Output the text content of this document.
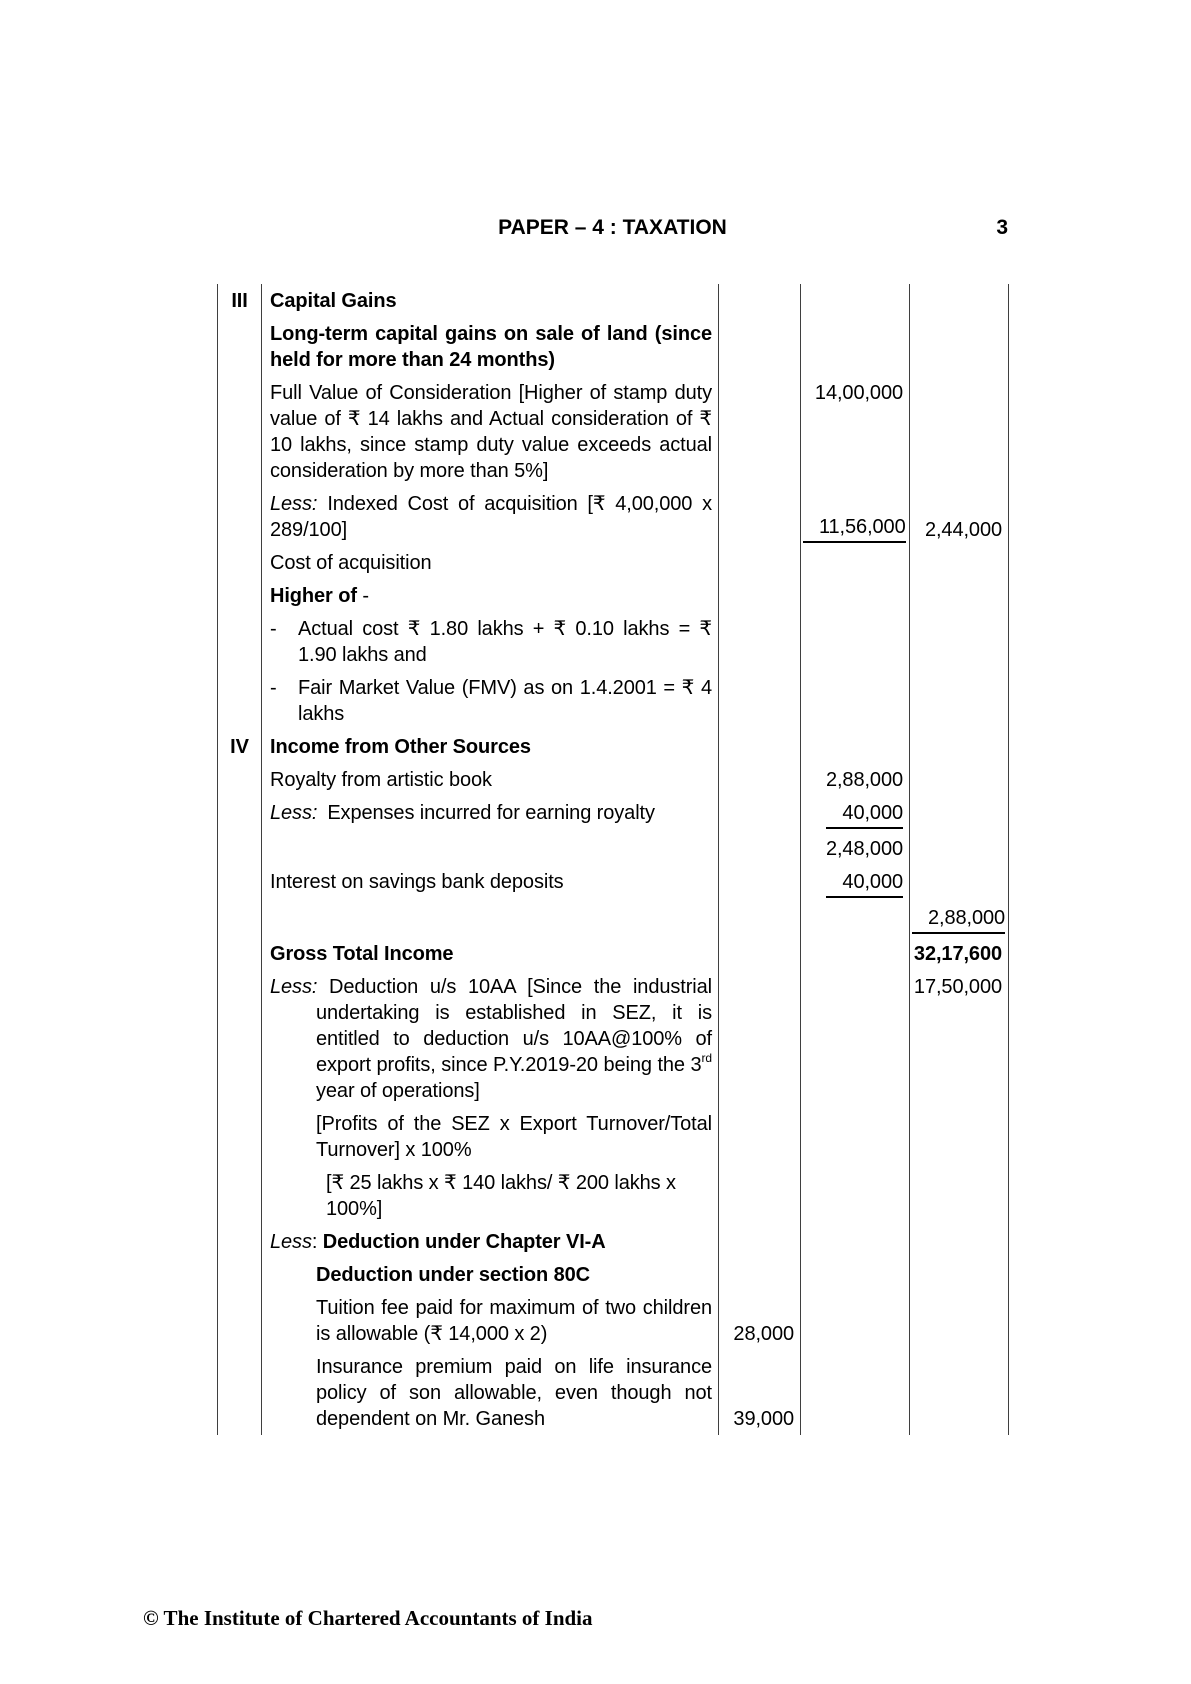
PAPER – 4 : TAXATION	3
III	Capital Gains			

	Long-term capital gains on sale of land (since held for more than 24 months)			

	Full Value of Consideration [Higher of stamp duty value of ₹ 14 lakhs and Actual consideration of ₹ 10 lakhs, since stamp duty value exceeds actual consideration by more than 5%]		14,00,000	

	Less: Indexed Cost of acquisition [₹ 4,00,000 x 289/100]		11,56,000	2,44,000

	Cost of acquisition			

	Higher of -			

	- Actual cost ₹ 1.80 lakhs + ₹ 0.10 lakhs = ₹ 1.90 lakhs and			

	- Fair Market Value (FMV) as on 1.4.2001 = ₹ 4 lakhs			

IV	Income from Other Sources			

	Royalty from artistic book		2,88,000	

	Less: Expenses incurred for earning royalty		40,000	
			2,48,000	

	Interest on savings bank deposits		40,000	
				2,88,000

	Gross Total Income			32,17,600

	Less: Deduction u/s 10AA [Since the industrial undertaking is established in SEZ, it is entitled to deduction u/s 10AA@100% of export profits, since P.Y.2019-20 being the 3rd year of operations]			17,50,000

	[Profits of the SEZ x Export Turnover/Total Turnover] x 100%			

	[₹ 25 lakhs x ₹ 140 lakhs/ ₹ 200 lakhs x 100%]			

	Less: Deduction under Chapter VI-A			

	Deduction under section 80C			

	Tuition fee paid for maximum of two children is allowable (₹ 14,000 x 2)	28,000		

	Insurance premium paid on life insurance policy of son allowable, even though not dependent on Mr. Ganesh	39,000		
© The Institute of Chartered Accountants of India
